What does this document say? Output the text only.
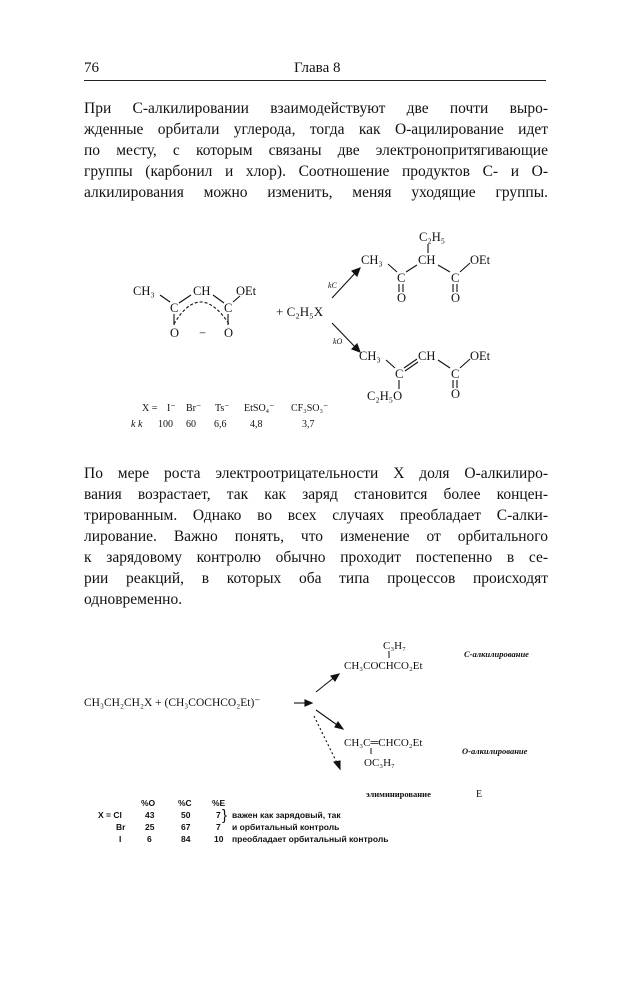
76	Глава 8
При С-алкилировании взаимодействуют две почти выро-
жденные орбитали углерода, тогда как О-ацилирование идет
по месту, с которым связаны две электронопритягивающие
группы (карбонил и хлор). Соотношение продуктов С- и О-
алкилирования можно изменить, меняя уходящие группы.
CH₃	CH OEt
C	C
O − O
+ C₂H₅X
kC
kO
C₂H₅
CH₃	CH	OEt
C	C
O	O
CH₃	CH	OEt
C	C
C₂H₅O	O
X = I⁻ Br⁻ Ts⁻ EtSO₄⁻ CF₃SO₃⁻
k k 100 60 6,6 4,8	3,7
По мере роста электроотрицательности X доля О-алкилиро-
вания возрастает, так как заряд становится более концен-
трированным. Однако во всех случаях преобладает С-алки-
лирование. Важно понять, что изменение от орбитального
к зарядовому контролю обычно проходит постепенно в се-
рии реакций, в которых оба типа процессов происходят
одновременно.
CH₃CH₂CH₂X + (CH₃COCHCO₂Et)⁻
C₃H₇
CH₃COCHCO₂Et
С-алкилирование
CH₃C═CHCO₂Et
OC₃H₇
О-алкилирование
элиминирование	E
%O	%C %E
X = Cl	43	50	7
Br 25	67	7
I	6	84	10
} важен как зарядовый, так
и орбитальный контроль
преобладает орбитальный контроль
